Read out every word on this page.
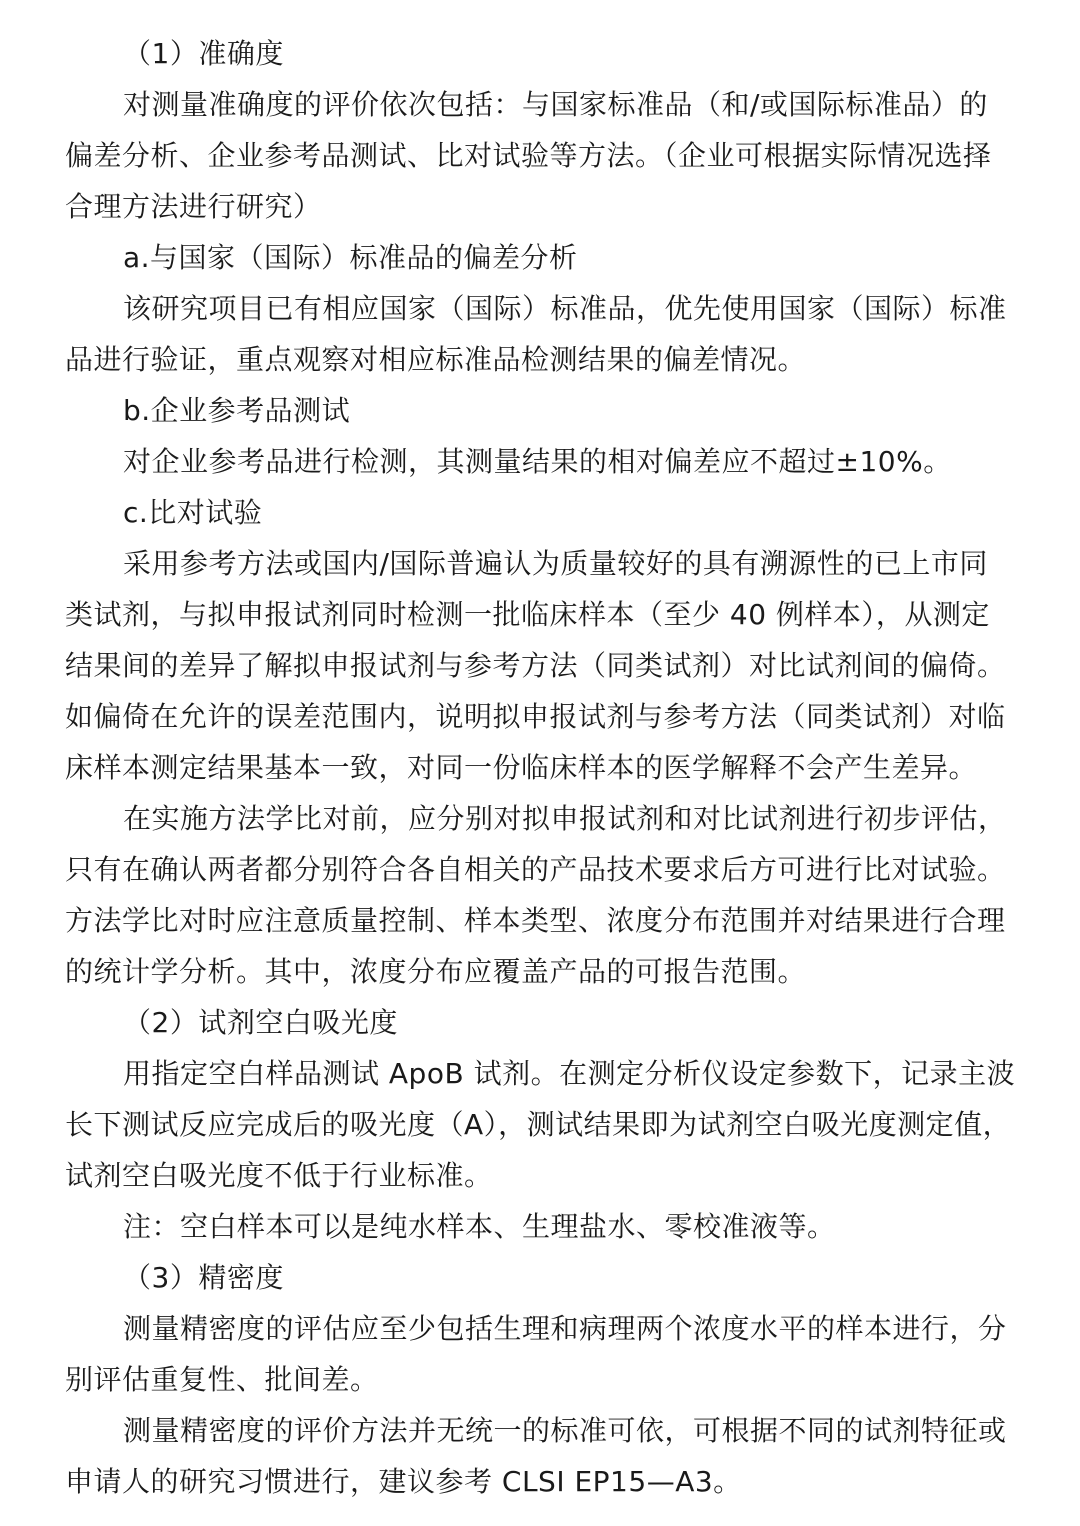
（1）准确度
对测量准确度的评价依次包括：与国家标准品（和/或国际标准品）的
偏差分析、企业参考品测试、比对试验等方法。（企业可根据实际情况选择
合理方法进行研究）
a.与国家（国际）标准品的偏差分析
该研究项目已有相应国家（国际）标准品，优先使用国家（国际）标准
品进行验证，重点观察对相应标准品检测结果的偏差情况。
b.企业参考品测试
对企业参考品进行检测，其测量结果的相对偏差应不超过±10%。
c.比对试验
采用参考方法或国内/国际普遍认为质量较好的具有溯源性的已上市同
类试剂，与拟申报试剂同时检测一批临床样本（至少 40 例样本），从测定
结果间的差异了解拟申报试剂与参考方法（同类试剂）对比试剂间的偏倚。
如偏倚在允许的误差范围内，说明拟申报试剂与参考方法（同类试剂）对临
床样本测定结果基本一致，对同一份临床样本的医学解释不会产生差异。
在实施方法学比对前，应分别对拟申报试剂和对比试剂进行初步评估，
只有在确认两者都分别符合各自相关的产品技术要求后方可进行比对试验。
方法学比对时应注意质量控制、样本类型、浓度分布范围并对结果进行合理
的统计学分析。其中，浓度分布应覆盖产品的可报告范围。
（2）试剂空白吸光度
用指定空白样品测试 ApoB 试剂。在测定分析仪设定参数下，记录主波
长下测试反应完成后的吸光度（A），测试结果即为试剂空白吸光度测定值，
试剂空白吸光度不低于行业标准。
注：空白样本可以是纯水样本、生理盐水、零校准液等。
（3）精密度
测量精密度的评估应至少包括生理和病理两个浓度水平的样本进行，分
别评估重复性、批间差。
测量精密度的评价方法并无统一的标准可依，可根据不同的试剂特征或
申请人的研究习惯进行，建议参考 CLSI EP15—A3。
